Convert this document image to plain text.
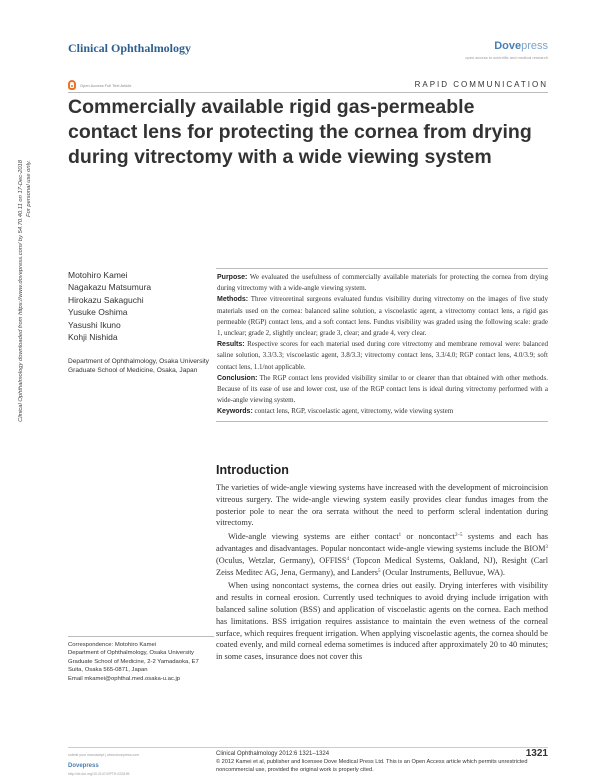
Clinical Ophthalmology	Dovepress
open access to scientific and medical research
Open Access Full Text Article	RAPID COMMUNICATION
Commercially available rigid gas-permeable contact lens for protecting the cornea from drying during vitrectomy with a wide viewing system
Clinical Ophthalmology downloaded from https://www.dovepress.com/ by 54.70.40.11 on 17-Dec-2018 For personal use only.
Motohiro Kamei
Nagakazu Matsumura
Hirokazu Sakaguchi
Yusuke Oshima
Yasushi Ikuno
Kohji Nishida
Department of Ophthalmology, Osaka University Graduate School of Medicine, Osaka, Japan

Purpose: We evaluated the usefulness of commercially available materials for protecting the cornea from drying during vitrectomy with a wide-angle viewing system.

Methods: Three vitreoretinal surgeons evaluated fundus visibility during vitrectomy on the images of five study materials used on the cornea: balanced saline solution, a viscoelastic agent, a vitrectomy contact lens, a rigid gas permeable (RGP) contact lens, and a soft contact lens. Fundus visibility was graded using the following scale: grade 1, unclear; grade 2, slightly unclear; grade 3, clear; and grade 4, very clear.

Results: Respective scores for each material used during core vitrectomy and membrane removal were: balanced saline solution, 3.3/3.3; viscoelastic agent, 3.8/3.3; vitrectomy contact lens, 3.3/4.0; RGP contact lens, 4.0/3.9; soft contact lens, 1.1/not applicable.

Conclusion: The RGP contact lens provided visibility similar to or clearer than that obtained with other methods. Because of its ease of use and lower cost, use of the RGP contact lens is ideal during vitrectomy performed with a wide-angle viewing system.

Keywords: contact lens, RGP, viscoelastic agent, vitrectomy, wide viewing system

Introduction

The varieties of wide-angle viewing systems have increased with the development of microincision vitreous surgery. The wide-angle viewing system easily provides clear fundus images from the posterior pole to near the ora serrata without the need to perform scleral indentation during vitrectomy.

Wide-angle viewing systems are either contact$^1$ or noncontact$^{2-5}$ systems and each has advantages and disadvantages. Popular noncontact wide-angle viewing systems include the BIOM$^3$ (Oculus, Wetzlar, Germany), OFFISS$^4$ (Topcon Medical Systems, Oakland, NJ), Resight (Carl Zeiss Meditec AG, Jena, Germany), and Landers$^5$ (Ocular Instruments, Belluvue, WA).

When using noncontact systems, the cornea dries out easily. Drying interferes with visibility and results in corneal erosion. Currently used techniques to avoid drying include irrigation with balanced saline solution (BSS) and application of viscoelastic agents on the cornea. Each method has limitations. BSS irrigation requires assistance to maintain the even wetness of the corneal surface, which requires frequent irrigation. When applying viscoelastic agents, the cornea should be coated evenly, and mild corneal edema sometimes is induced after approximately 20 to 40 minutes; in some cases, insurance does not cover this

Correspondence: Motohiro Kamei
Department of Ophthalmology, Osaka University Graduate School of Medicine, 2-2 Yamadaoka, E7 Suita, Osaka 565-0871, Japan
Email mkamei@ophthal.med.osaka-u.ac.jp
submit your manuscript | www.dovepress.com
Dovepress
http://dx.doi.org/10.2147/OPTH.S33195
Clinical Ophthalmology 2012:6 1321–1324	1321
© 2012 Kamei et al, publisher and licensee Dove Medical Press Ltd. This is an Open Access article which permits unrestricted noncommercial use, provided the original work is properly cited.
